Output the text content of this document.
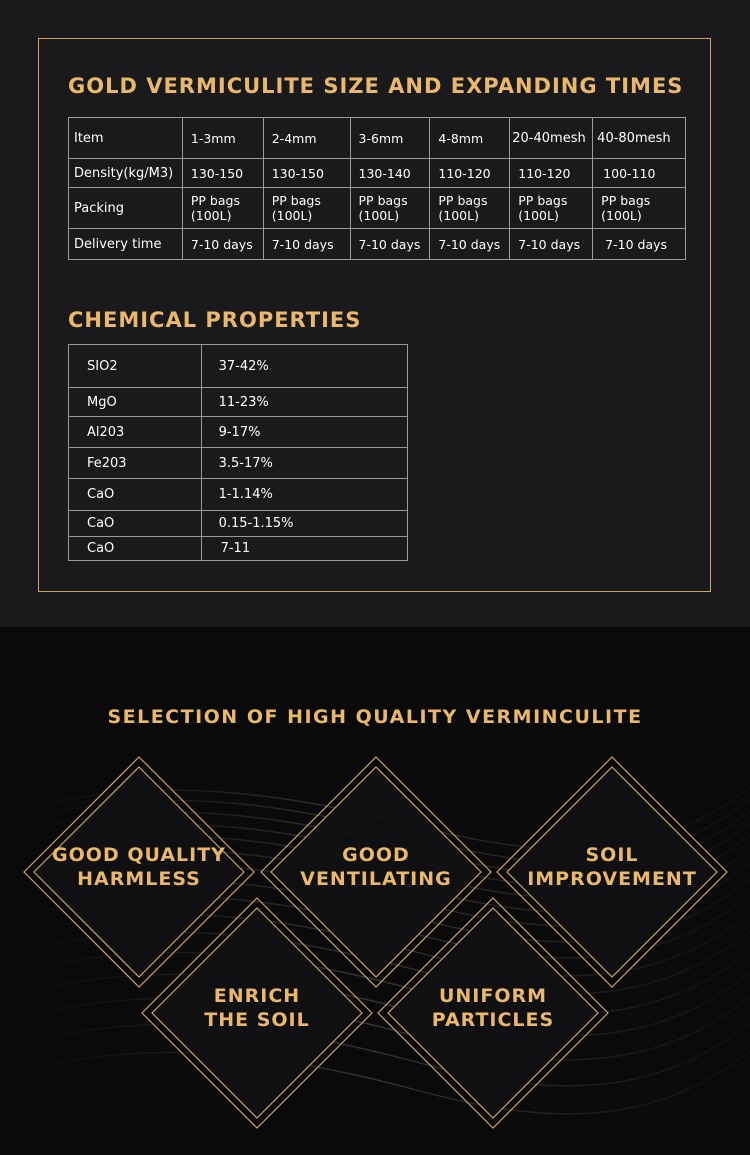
GOLD VERMICULITE SIZE AND EXPANDING TIMES
Item	1-3mm	2-4mm	3-6mm	4-8mm	20-40mesh	40-80mesh
Density(kg/M3)	130-150	130-150	130-140	110-120	110-120	100-110
Packing	PP bags (100L)	PP bags (100L)	PP bags (100L)	PP bags (100L)	PP bags (100L)	PP bags (100L)
Delivery time	7-10 days	7-10 days	7-10 days	7-10 days	7-10 days	7-10 days
CHEMICAL PROPERTIES
SIO2	37-42%
MgO	11-23%
Al203	9-17%
Fe203	3.5-17%
CaO	1-1.14%
CaO	0.15-1.15%
CaO	7-11
SELECTION OF HIGH QUALITY VERMINCULITE
GOOD QUALITY
HARMLESS
GOOD
VENTILATING
SOIL
IMPROVEMENT
ENRICH
THE SOIL
UNIFORM
PARTICLES
